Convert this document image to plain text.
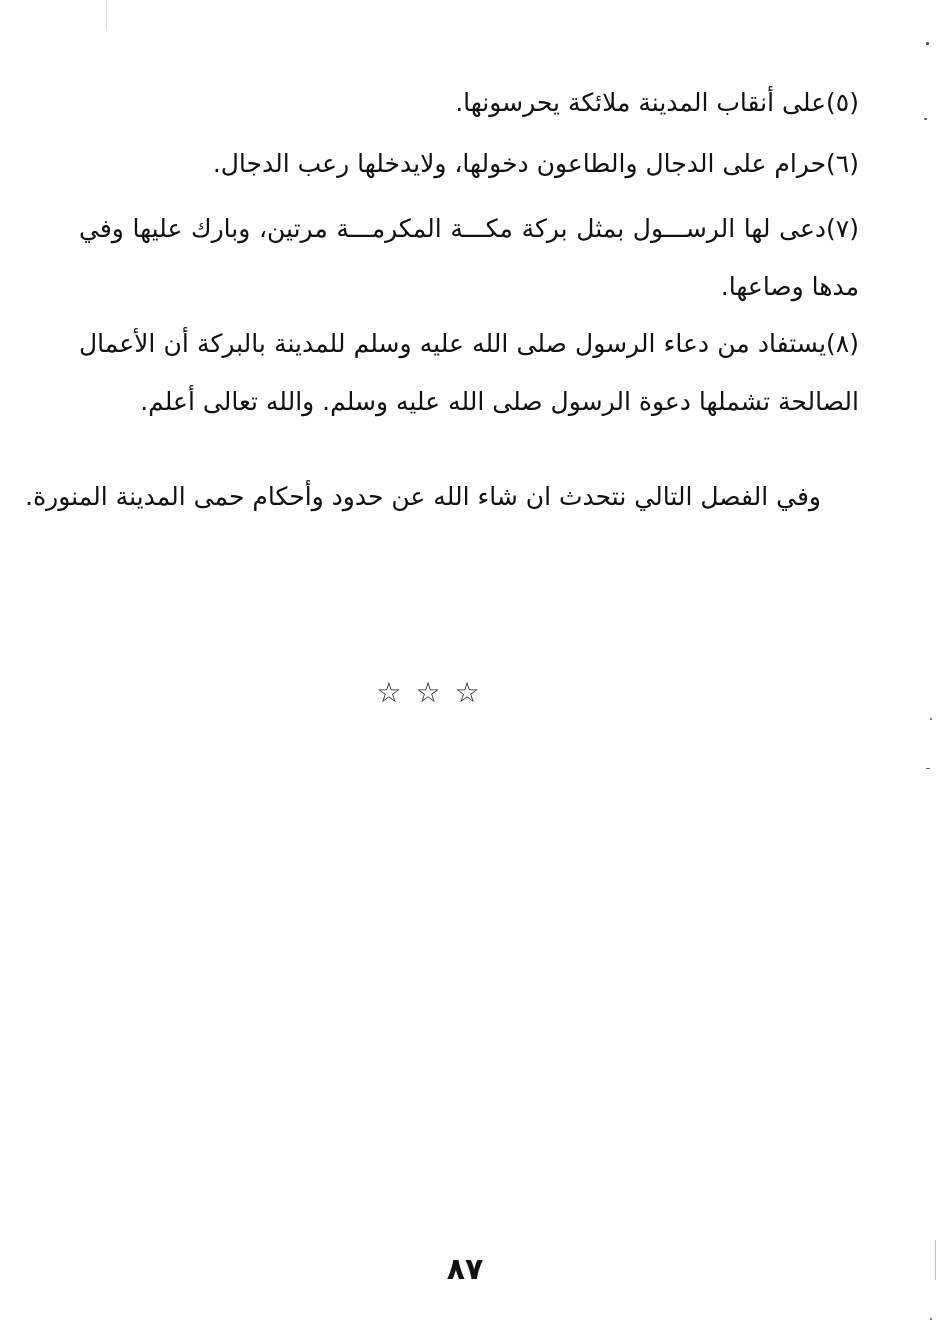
(٥)على أنقاب المدينة ملائكة يحرسونها.

(٦)حرام على الدجال والطاعون دخولها، ولايدخلها رعب الدجال.

(٧)دعى لها الرســـول بمثل بركة مكـــة المكرمـــة مرتين، وبارك عليها وفي مدها وصاعها.

(٨)يستفاد من دعاء الرسول صلى الله عليه وسلم للمدينة بالبركة أن الأعمال الصالحة تشملها دعوة الرسول صلى الله عليه وسلم. والله تعالى أعلم.

وفي الفصل التالي نتحدث ان شاء الله عن حدود وأحكام حمى المدينة المنورة.

☆☆☆
٨٧
